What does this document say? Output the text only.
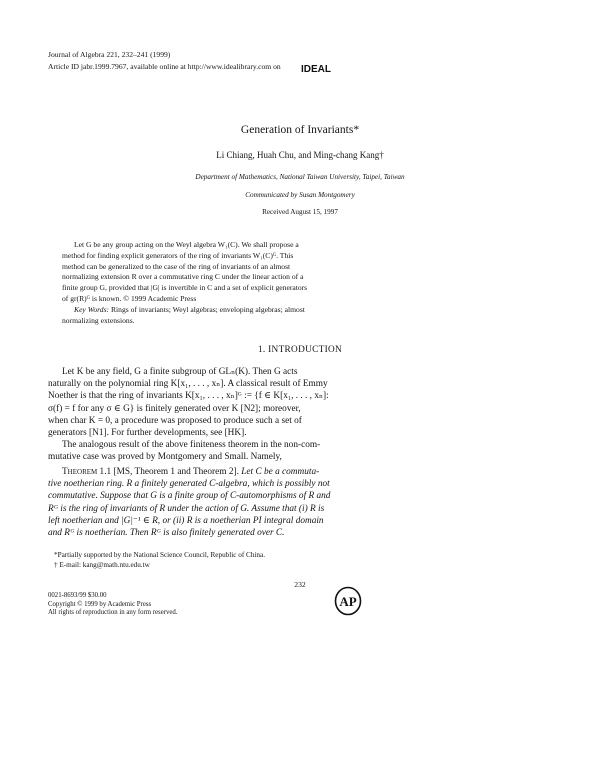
Journal of Algebra 221, 232–241 (1999)
Article ID jabr.1999.7967, available online at http://www.idealibrary.com on IDEAL
Generation of Invariants*
Li Chiang, Huah Chu, and Ming-chang Kang†
Department of Mathematics, National Taiwan University, Taipei, Taiwan
Communicated by Susan Montgomery
Received August 15, 1997
Let G be any group acting on the Weyl algebra W₁(C). We shall propose a
method for finding explicit generators of the ring of invariants W₁(C)ᴳ. This
method can be generalized to the case of the ring of invariants of an almost
normalizing extension R over a commutative ring C under the linear action of a
finite group G, provided that |G| is invertible in C and a set of explicit generators
of gr(R)ᴳ is known. © 1999 Academic Press
Key Words: Rings of invariants; Weyl algebras; enveloping algebras; almost
normalizing extensions.
1. INTRODUCTION
Let K be any field, G a finite subgroup of GLₙ(K). Then G acts
naturally on the polynomial ring K[x₁, . . . , xₙ]. A classical result of Emmy
Noether is that the ring of invariants K[x₁, . . . , xₙ]ᴳ := {f ∈ K[x₁, . . . , xₙ]:
σ(f) = f for any σ ∈ G} is finitely generated over K [N2]; moreover,
when char K = 0, a procedure was proposed to produce such a set of
generators [N1]. For further developments, see [HK].
The analogous result of the above finiteness theorem in the non-com-
mutative case was proved by Montgomery and Small. Namely,
Theorem 1.1 [MS, Theorem 1 and Theorem 2]. Let C be a commuta-
tive noetherian ring. R a finitely generated C-algebra, which is possibly not
commutative. Suppose that G is a finite group of C-automorphisms of R and
Rᴳ is the ring of invariants of R under the action of G. Assume that (i) R is
left noetherian and |G|⁻¹ ∈ R, or (ii) R is a noetherian PI integral domain
and Rᴳ is noetherian. Then Rᴳ is also finitely generated over C.
*Partially supported by the National Science Council, Republic of China.
† E-mail: kang@math.ntu.edu.tw
232
0021-8693/99 $30.00
Copyright © 1999 by Academic Press
All rights of reproduction in any form reserved.
AP
